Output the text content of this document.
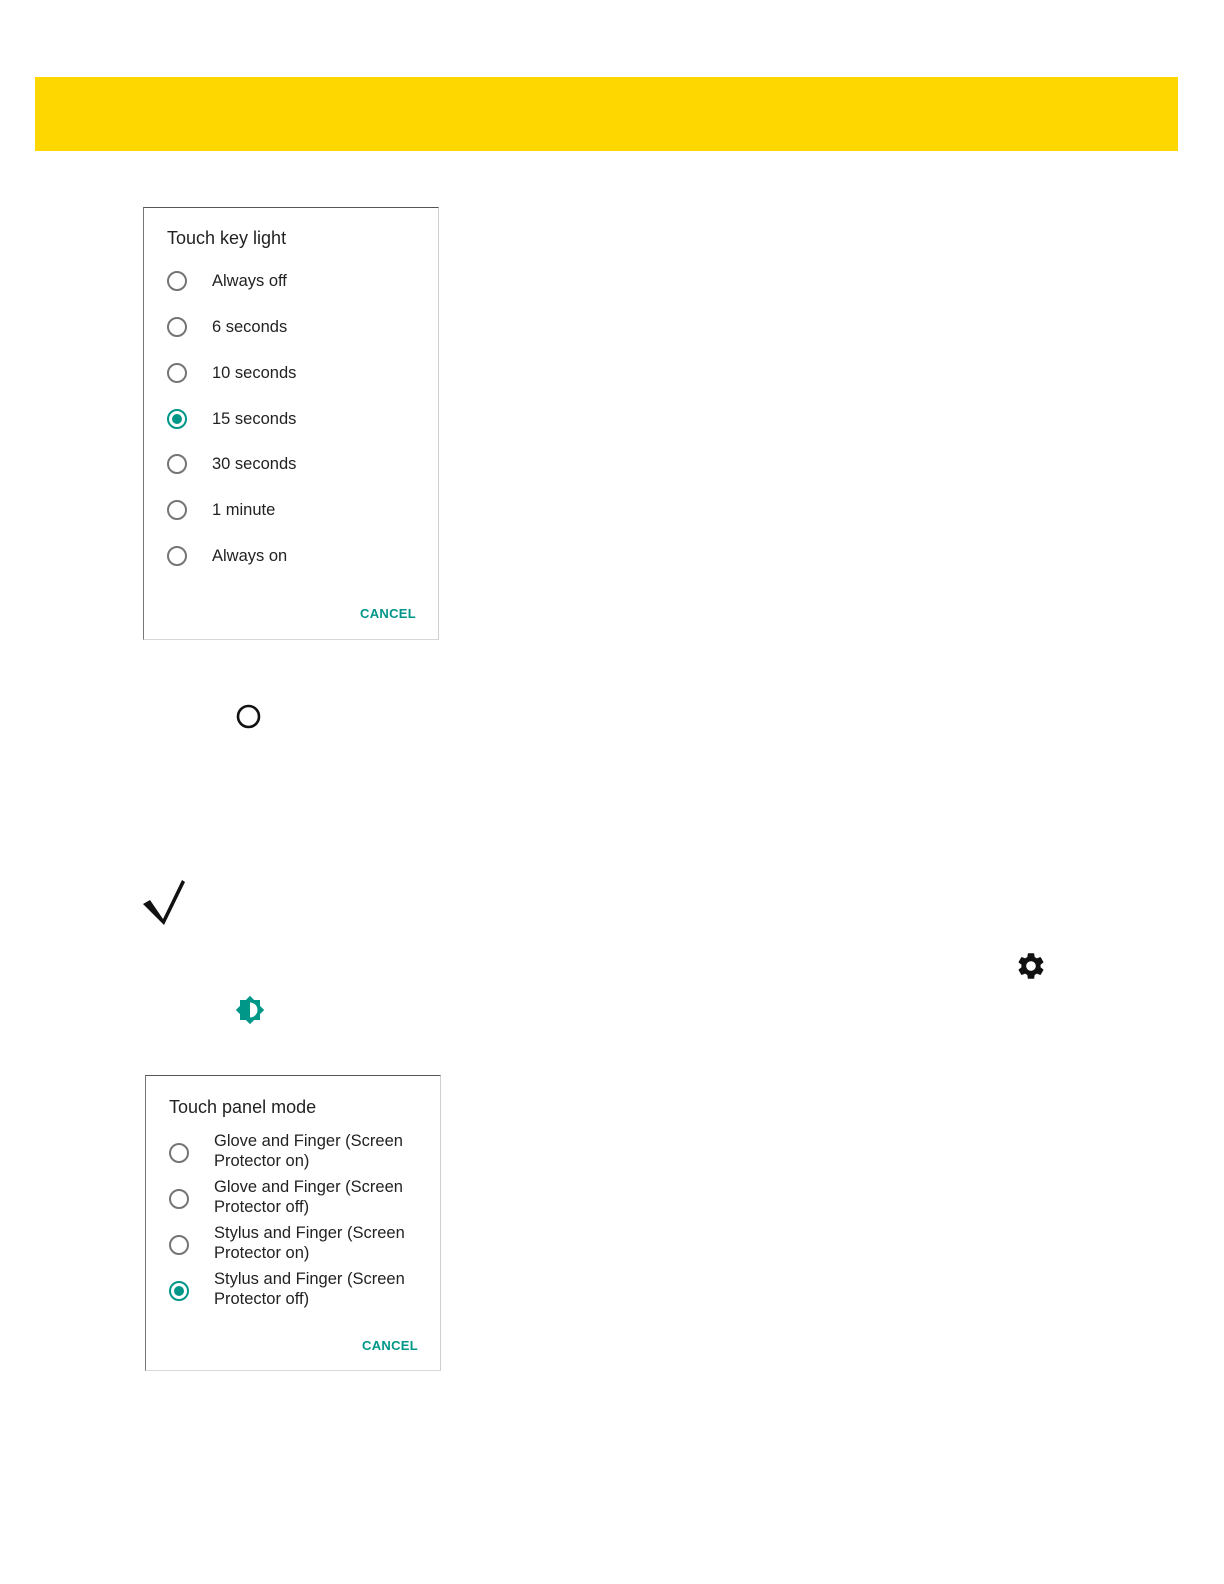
Touch key light
Always off
6 seconds
10 seconds
15 seconds
30 seconds
1 minute
Always on
CANCEL
Touch panel mode
Glove and Finger (Screen Protector on)
Glove and Finger (Screen Protector off)
Stylus and Finger (Screen Protector on)
Stylus and Finger (Screen Protector off)
CANCEL
